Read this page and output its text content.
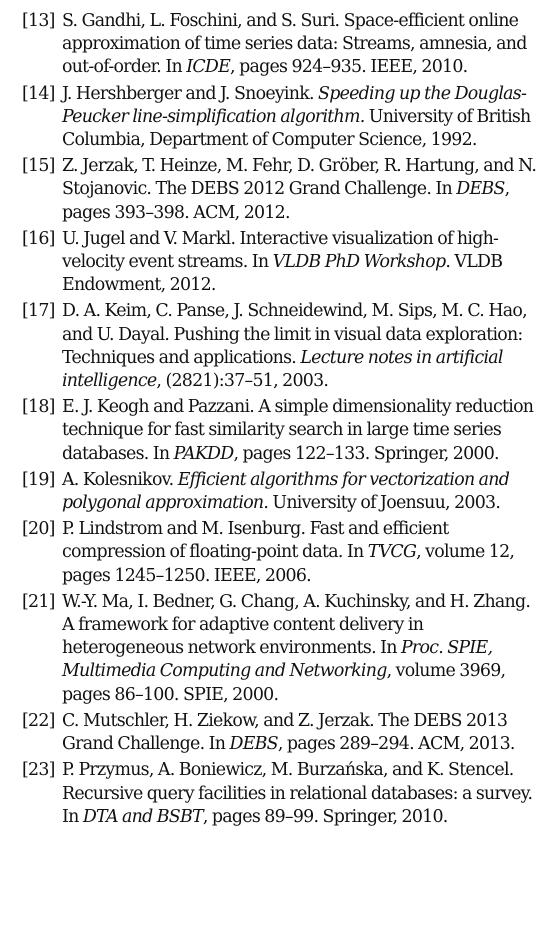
[13] S. Gandhi, L. Foschini, and S. Suri. Space-efficient online approximation of time series data: Streams, amnesia, and out-of-order. In ICDE, pages 924–935. IEEE, 2010.
[14] J. Hershberger and J. Snoeyink. Speeding up the Douglas-Peucker line-simplification algorithm. University of British Columbia, Department of Computer Science, 1992.
[15] Z. Jerzak, T. Heinze, M. Fehr, D. Gröber, R. Hartung, and N. Stojanovic. The DEBS 2012 Grand Challenge. In DEBS, pages 393–398. ACM, 2012.
[16] U. Jugel and V. Markl. Interactive visualization of high-velocity event streams. In VLDB PhD Workshop. VLDB Endowment, 2012.
[17] D. A. Keim, C. Panse, J. Schneidewind, M. Sips, M. C. Hao, and U. Dayal. Pushing the limit in visual data exploration: Techniques and applications. Lecture notes in artificial intelligence, (2821):37–51, 2003.
[18] E. J. Keogh and Pazzani. A simple dimensionality reduction technique for fast similarity search in large time series databases. In PAKDD, pages 122–133. Springer, 2000.
[19] A. Kolesnikov. Efficient algorithms for vectorization and polygonal approximation. University of Joensuu, 2003.
[20] P. Lindstrom and M. Isenburg. Fast and efficient compression of floating-point data. In TVCG, volume 12, pages 1245–1250. IEEE, 2006.
[21] W.-Y. Ma, I. Bedner, G. Chang, A. Kuchinsky, and H. Zhang. A framework for adaptive content delivery in heterogeneous network environments. In Proc. SPIE, Multimedia Computing and Networking, volume 3969, pages 86–100. SPIE, 2000.
[22] C. Mutschler, H. Ziekow, and Z. Jerzak. The DEBS 2013 Grand Challenge. In DEBS, pages 289–294. ACM, 2013.
[23] P. Przymus, A. Boniewicz, M. Burzańska, and K. Stencel. Recursive query facilities in relational databases: a survey. In DTA and BSBT, pages 89–99. Springer, 2010.
